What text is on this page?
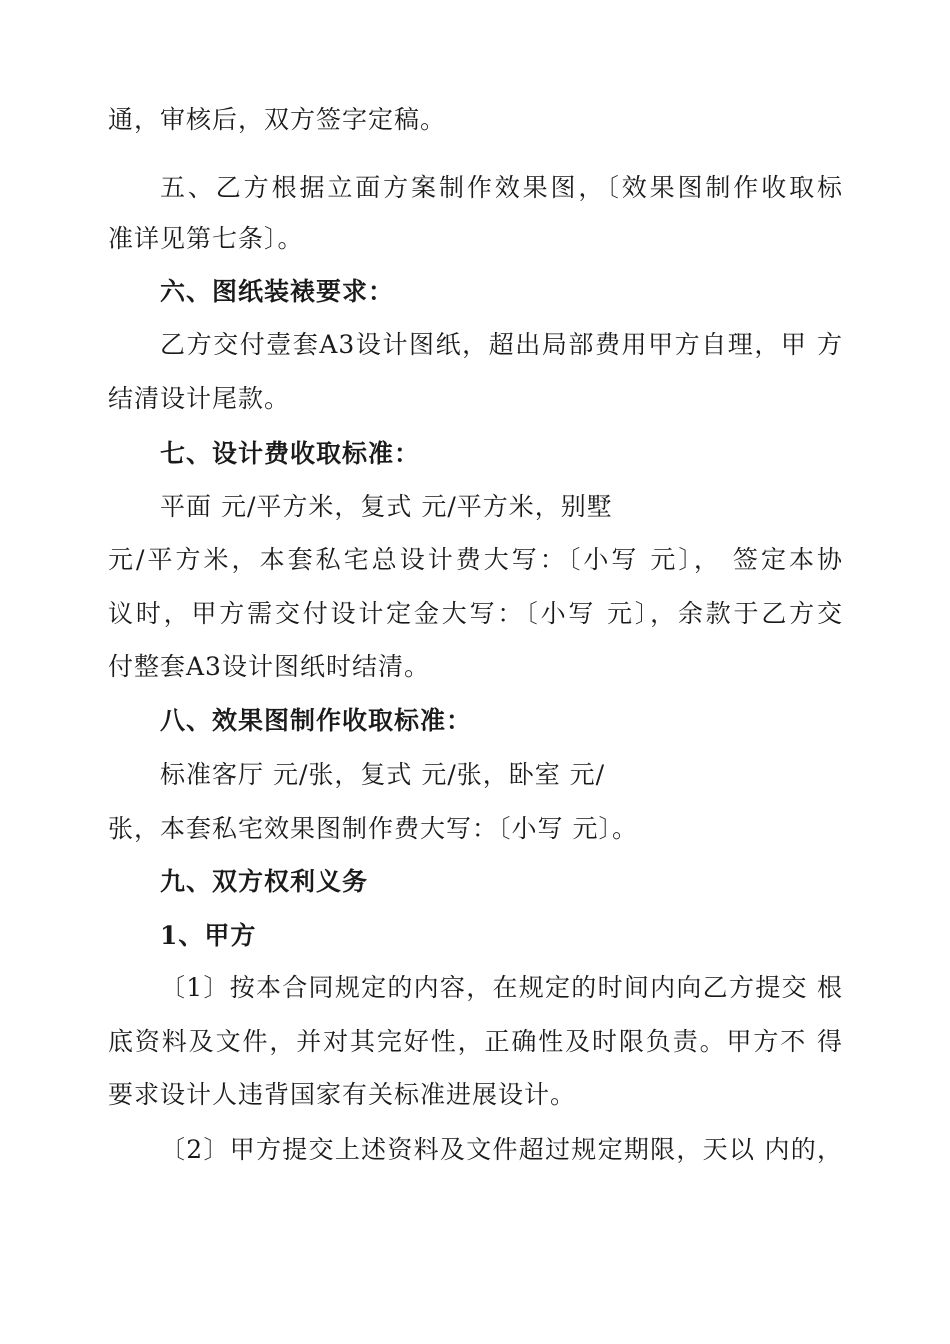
通，审核后，双方签字定稿。
五、乙方根据立面方案制作效果图，〔效果图制作收取标
准详见第七条〕。
六、图纸装裱要求：
乙方交付壹套A3设计图纸，超出局部费用甲方自理，甲 方
结清设计尾款。
七、设计费收取标准：
平面 元/平方米，复式 元/平方米，别墅
元/平方米，本套私宅总设计费大写：〔小写 元〕， 签定本协
议时，甲方需交付设计定金大写：〔小写 元〕，余款于乙方交
付整套A3设计图纸时结清。
八、效果图制作收取标准：
标准客厅 元/张，复式 元/张，卧室 元/
张，本套私宅效果图制作费大写：〔小写 元〕。
九、双方权利义务
1、甲方
〔1〕按本合同规定的内容，在规定的时间内向乙方提交 根
底资料及文件，并对其完好性，正确性及时限负责。甲方不 得
要求设计人违背国家有关标准进展设计。
〔2〕甲方提交上述资料及文件超过规定期限，天以 内的，
